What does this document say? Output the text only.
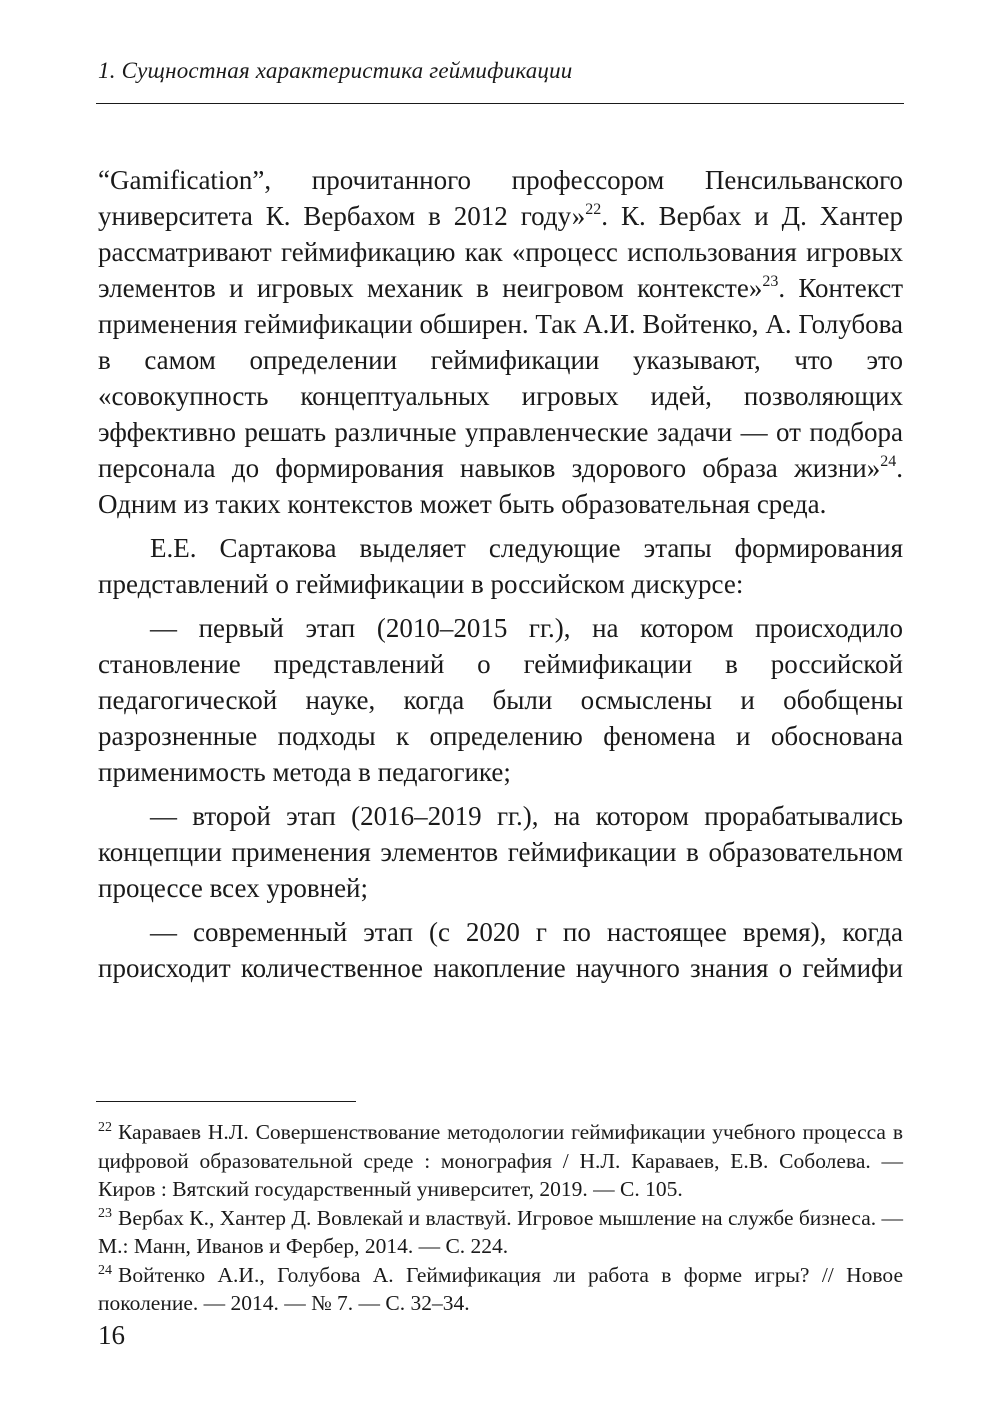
1. Сущностная характеристика геймификации

“Gamification”, прочитанного профессором Пенсильванского университета К. Вербахом в 2012 году»$^{22}$. К. Вербах и Д. Хантер рассматривают геймификацию как «процесс использования игровых элементов и игровых механик в неигровом контексте»$^{23}$. Контекст применения геймификации обширен. Так А.И. Войтенко, А. Голубова в самом определении геймификации указывают, что это «совокупность концептуальных игровых идей, позволяющих эффективно решать различные управленческие задачи — от подбора персонала до формирования навыков здорового образа жизни»$^{24}$. Одним из таких контекстов может быть образовательная среда.

Е.Е. Сартакова выделяет следующие этапы формирования представлений о геймификации в российском дискурсе:

— первый этап (2010–2015 гг.), на котором происходило становление представлений о геймификации в российской педагогической науке, когда были осмыслены и обобщены разрозненные подходы к определению феномена и обоснована применимость метода в педагогике;

— второй этап (2016–2019 гг.), на котором прорабатывались концепции применения элементов геймификации в образовательном процессе всех уровней;

— современный этап (с 2020 г по настоящее время), когда происходит количественное накопление научного знания о геймифи

$^{22}$ Караваев Н.Л. Совершенствование методологии геймификации учебного процесса в цифровой образовательной среде : монография / Н.Л. Караваев, Е.В. Соболева. — Киров : Вятский государственный университет, 2019. — С. 105.

$^{23}$ Вербах К., Хантер Д. Вовлекай и властвуй. Игровое мышление на службе бизнеса. — М.: Манн, Иванов и Фербер, 2014. — С. 224.

$^{24}$ Войтенко А.И., Голубова А. Геймификация ли работа в форме игры? // Новое поколение. — 2014. — № 7. — С. 32–34.

16
